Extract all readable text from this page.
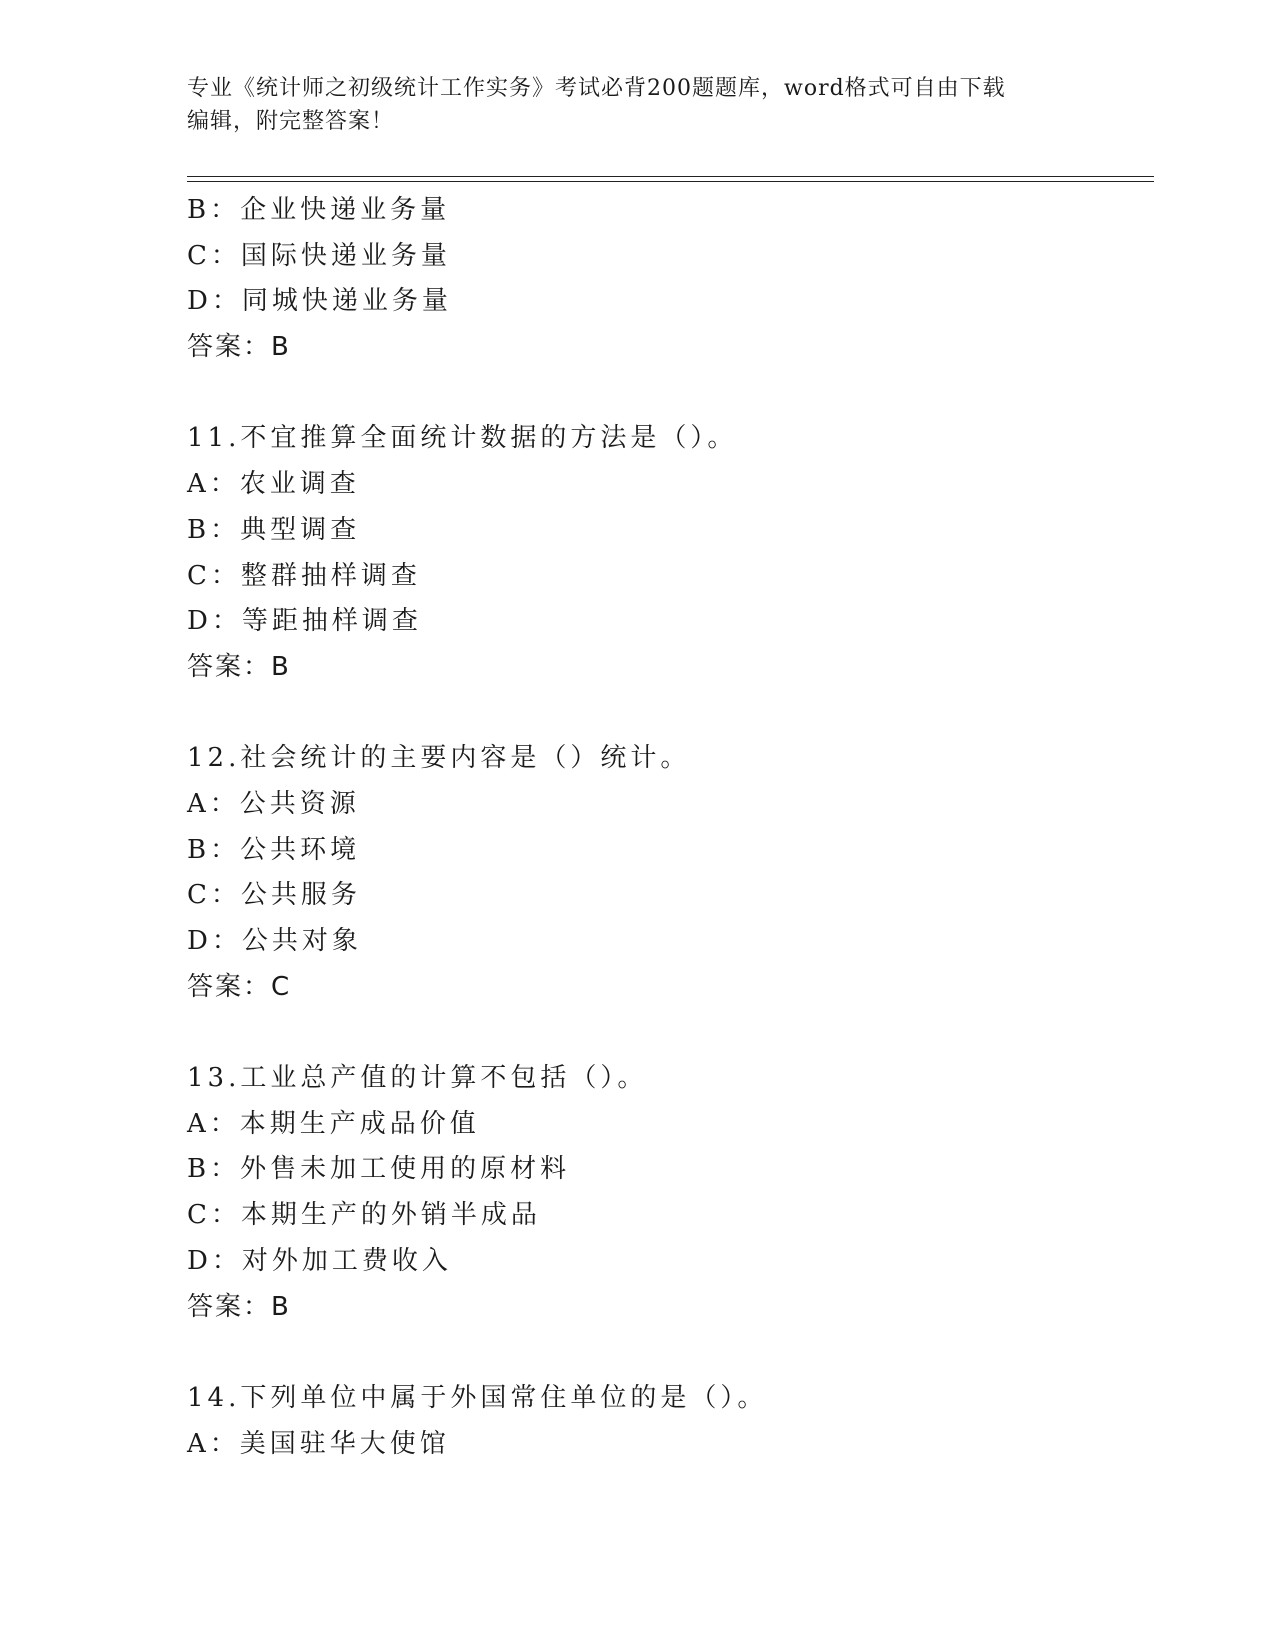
专业《统计师之初级统计工作实务》考试必背200题题库，word格式可自由下载
编辑，附完整答案！
B：企业快递业务量
C：国际快递业务量
D：同城快递业务量
答案：B
11.不宜推算全面统计数据的方法是（）。
A：农业调查
B：典型调查
C：整群抽样调查
D：等距抽样调查
答案：B
12.社会统计的主要内容是（）统计。
A：公共资源
B：公共环境
C：公共服务
D：公共对象
答案：C
13.工业总产值的计算不包括（）。
A：本期生产成品价值
B：外售未加工使用的原材料
C：本期生产的外销半成品
D：对外加工费收入
答案：B
14.下列单位中属于外国常住单位的是（）。
A：美国驻华大使馆
